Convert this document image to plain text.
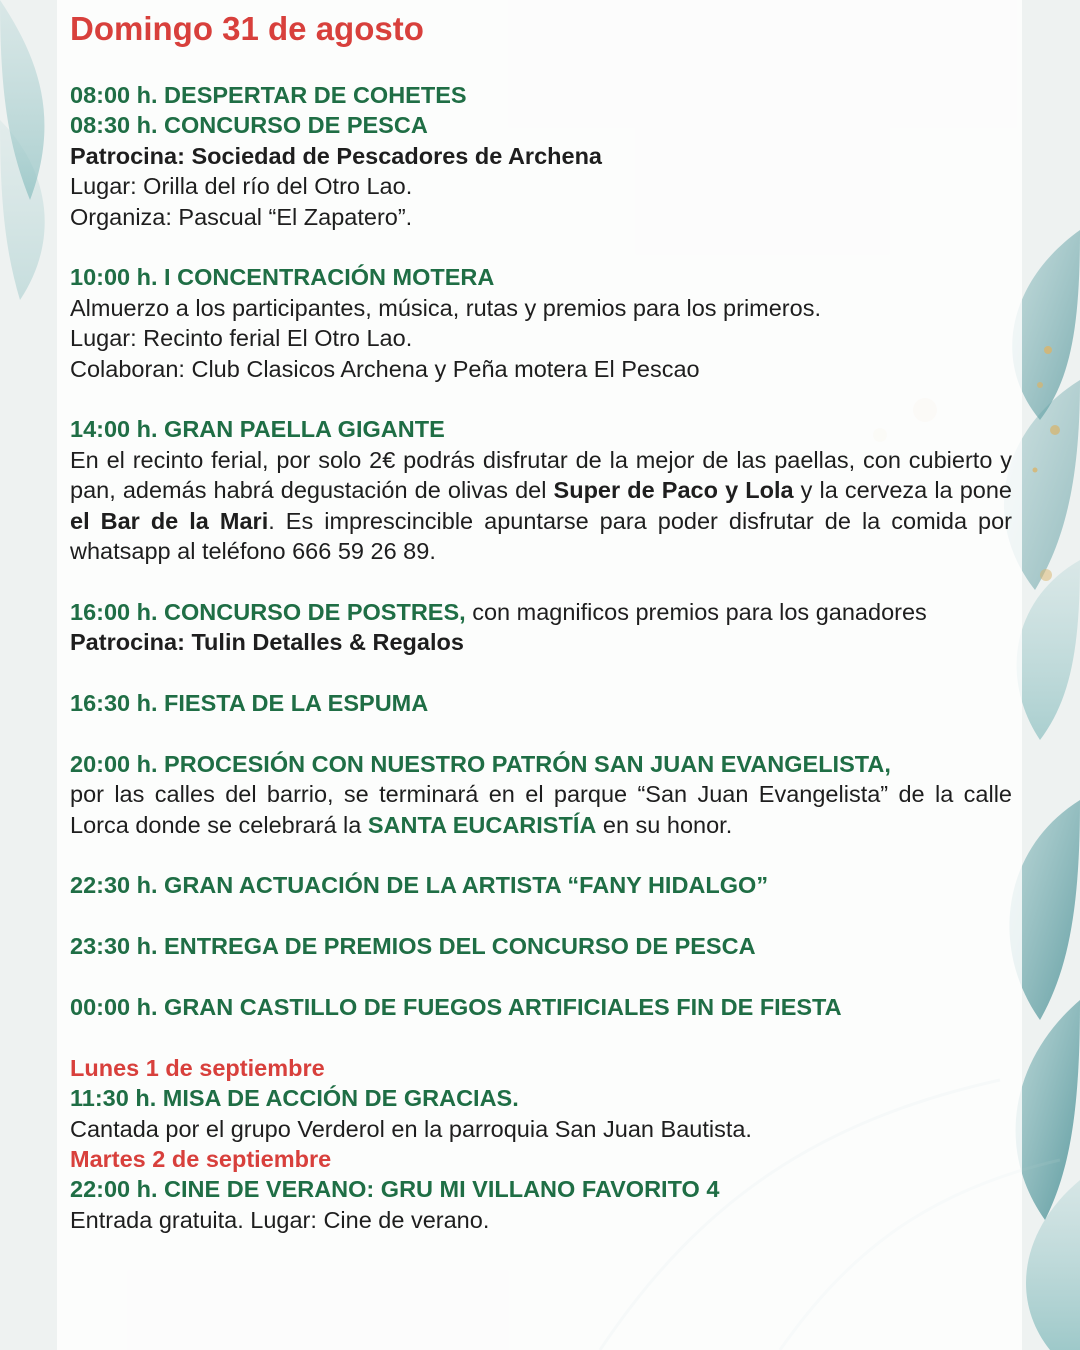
Domingo 31 de agosto

08:00 h. DESPERTAR DE COHETES

08:30 h. CONCURSO DE PESCA

Patrocina: Sociedad de Pescadores de Archena

Lugar: Orilla del río del Otro Lao.

Organiza: Pascual “El Zapatero”.

10:00 h. I CONCENTRACIÓN MOTERA

Almuerzo a los participantes, música, rutas y premios para los primeros.

Lugar: Recinto ferial El Otro Lao.

Colaboran: Club Clasicos Archena y Peña motera El Pescao

14:00 h. GRAN PAELLA GIGANTE

En el recinto ferial, por solo 2€ podrás disfrutar de la mejor de las paellas, con cubierto y pan, además habrá degustación de olivas del Super de Paco y Lola y la cerveza la pone el Bar de la Mari. Es imprescincible apuntarse para poder disfrutar de la comida por whatsapp al teléfono 666 59 26 89.

16:00 h. CONCURSO DE POSTRES, con magnificos premios para los ganadores

Patrocina: Tulin Detalles & Regalos

16:30 h. FIESTA DE LA ESPUMA

20:00 h. PROCESIÓN CON NUESTRO PATRÓN SAN JUAN EVANGELISTA,

por las calles del barrio, se terminará en el parque “San Juan Evangelista” de la calle Lorca donde se celebrará la SANTA EUCARISTÍA en su honor.

22:30 h. GRAN ACTUACIÓN DE LA ARTISTA “FANY HIDALGO”

23:30 h. ENTREGA DE PREMIOS DEL CONCURSO DE PESCA

00:00 h. GRAN CASTILLO DE FUEGOS ARTIFICIALES FIN DE FIESTA

Lunes 1 de septiembre

11:30 h. MISA DE ACCIÓN DE GRACIAS.

Cantada por el grupo Verderol en la parroquia San Juan Bautista.

Martes 2 de septiembre

22:00 h. CINE DE VERANO: GRU MI VILLANO FAVORITO 4

Entrada gratuita. Lugar: Cine de verano.
